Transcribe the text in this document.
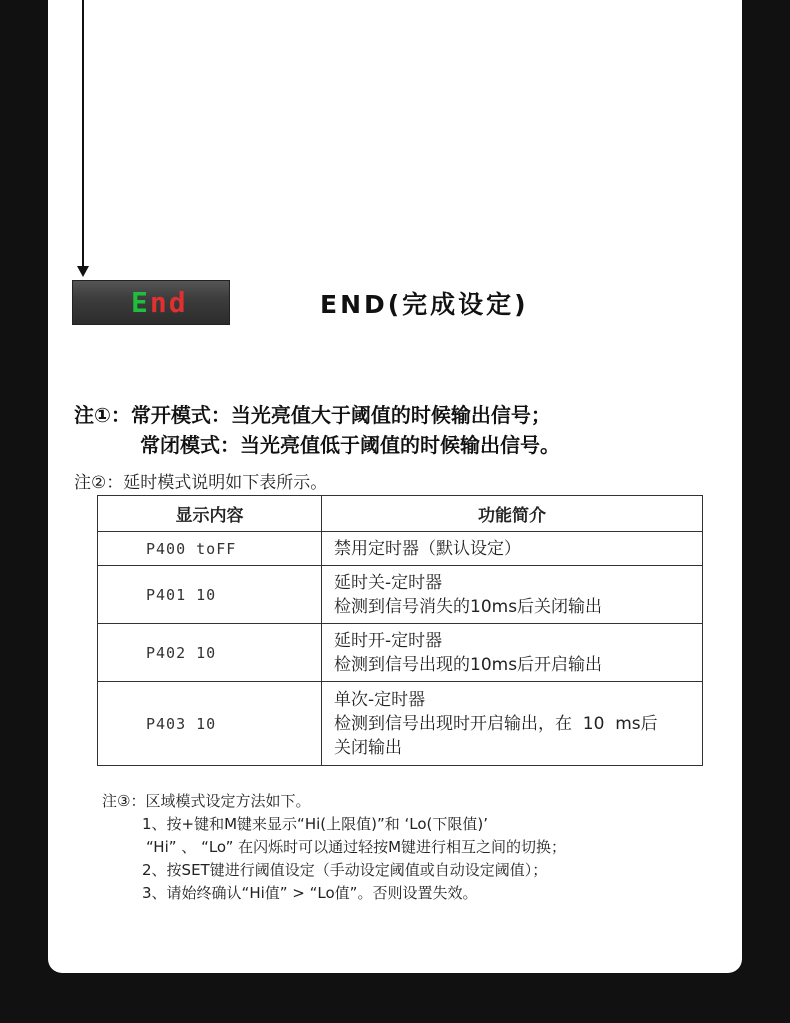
End	END(完成设定)
注①：常开模式：当光亮值大于阈值的时候输出信号；
常闭模式：当光亮值低于阈值的时候输出信号。
注②：延时模式说明如下表所示。
显示内容	功能简介
P400 toFF	禁用定时器（默认设定）

P401 10	延时关-定时器
检测到信号消失的10ms后关闭输出

P402 10	延时开-定时器
检测到信号出现的10ms后开启输出

P403 10	单次-定时器
检测到信号出现时开启输出，在  10  ms后
关闭输出
注③：区域模式设定方法如下。
1、按+键和M键来显示“Hi(上限值)”和 ‘Lo(下限值)’
“Hi” 、 “Lo” 在闪烁时可以通过轻按M键进行相互之间的切换；
2、按SET键进行阈值设定（手动设定阈值或自动设定阈值）；
3、请始终确认“Hi值” > “Lo值”。否则设置失效。
